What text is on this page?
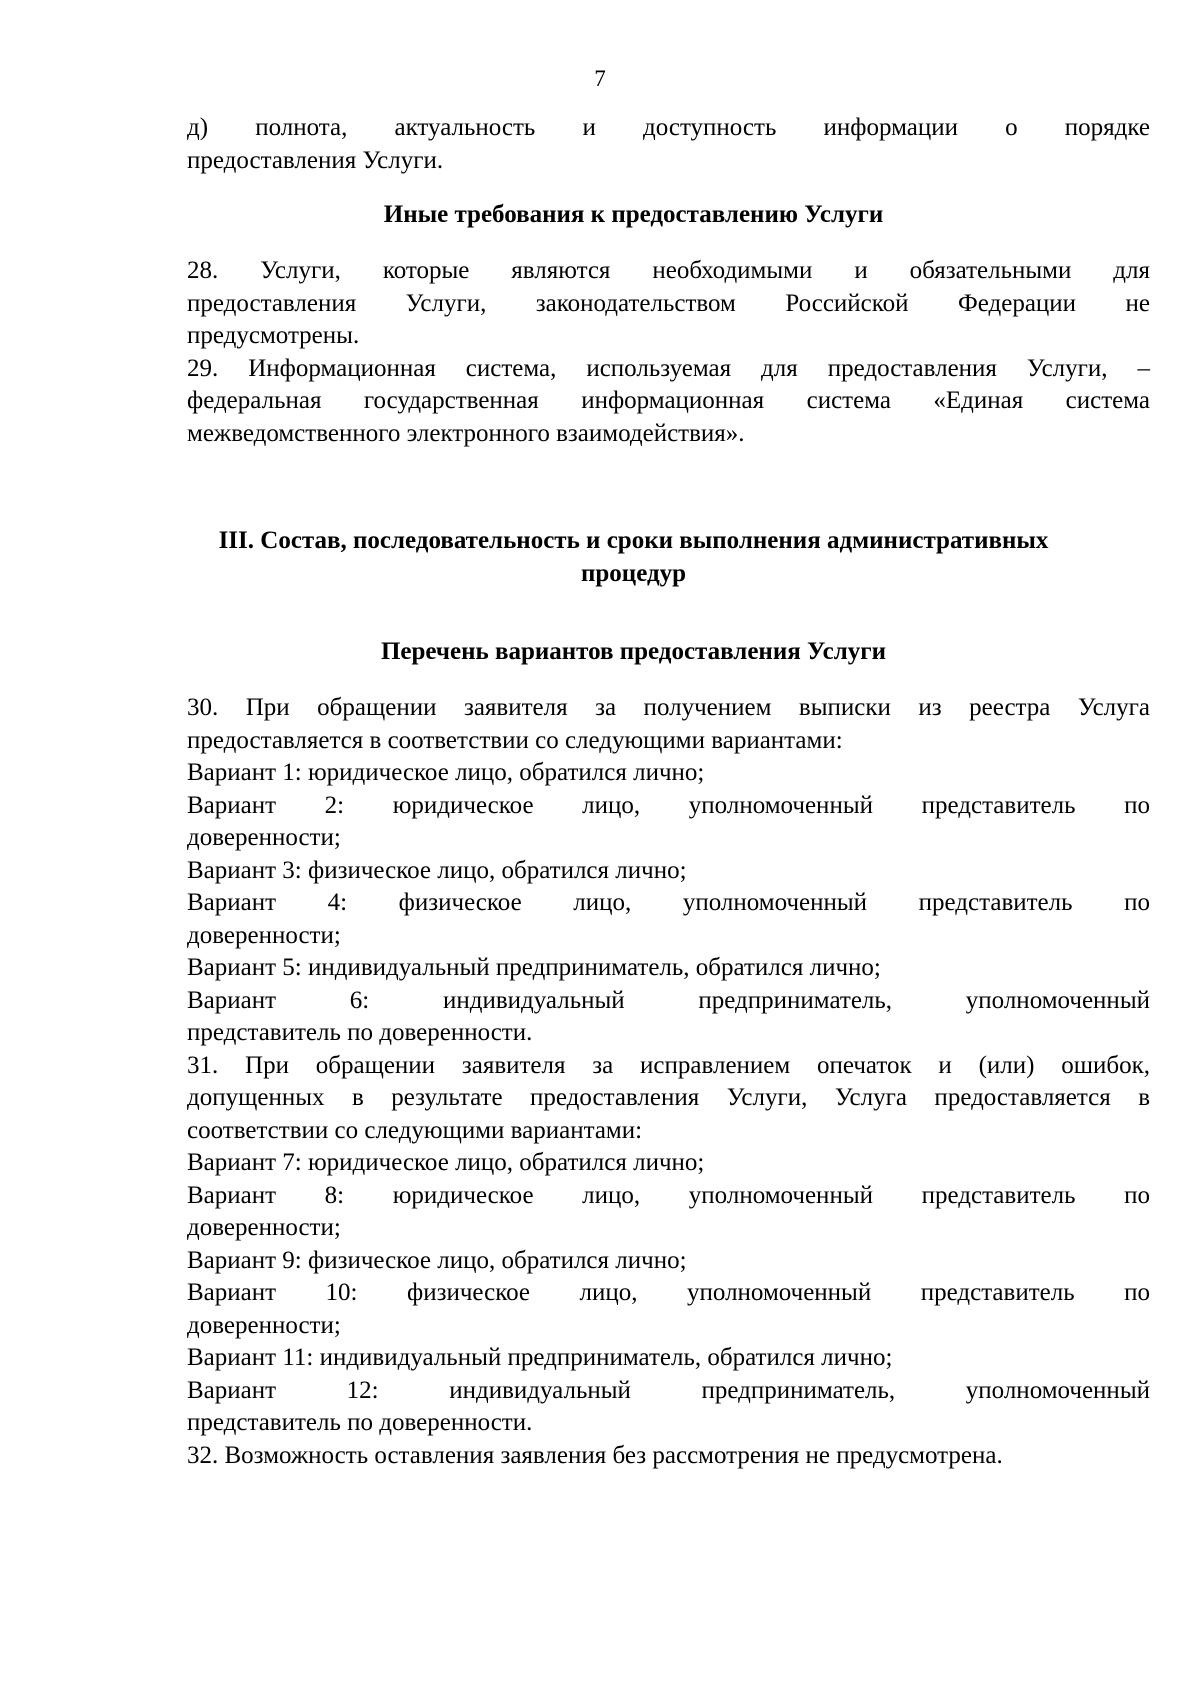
7

д) полнота, актуальность и доступность информации о порядке
предоставления Услуги.

Иные требования к предоставлению Услуги

28. Услуги, которые являются необходимыми и обязательными для
предоставления Услуги, законодательством Российской Федерации не
предусмотрены.

29. Информационная система, используемая для предоставления Услуги, –
федеральная государственная информационная система «Единая система
межведомственного электронного взаимодействия».

III. Состав, последовательность и сроки выполнения административных
процедур
Перечень вариантов предоставления Услуги

30. При обращении заявителя за получением выписки из реестра Услуга
предоставляется в соответствии со следующими вариантами:

Вариант 1: юридическое лицо, обратился лично;

Вариант 2: юридическое лицо, уполномоченный представитель по
доверенности;

Вариант 3: физическое лицо, обратился лично;

Вариант 4: физическое лицо, уполномоченный представитель по
доверенности;

Вариант 5: индивидуальный предприниматель, обратился лично;

Вариант 6: индивидуальный предприниматель, уполномоченный
представитель по доверенности.

31. При обращении заявителя за исправлением опечаток и (или) ошибок,
допущенных в результате предоставления Услуги, Услуга предоставляется в
соответствии со следующими вариантами:

Вариант 7: юридическое лицо, обратился лично;

Вариант 8: юридическое лицо, уполномоченный представитель по
доверенности;

Вариант 9: физическое лицо, обратился лично;

Вариант 10: физическое лицо, уполномоченный представитель по
доверенности;

Вариант 11: индивидуальный предприниматель, обратился лично;

Вариант 12: индивидуальный предприниматель, уполномоченный
представитель по доверенности.

32. Возможность оставления заявления без рассмотрения не предусмотрена.
